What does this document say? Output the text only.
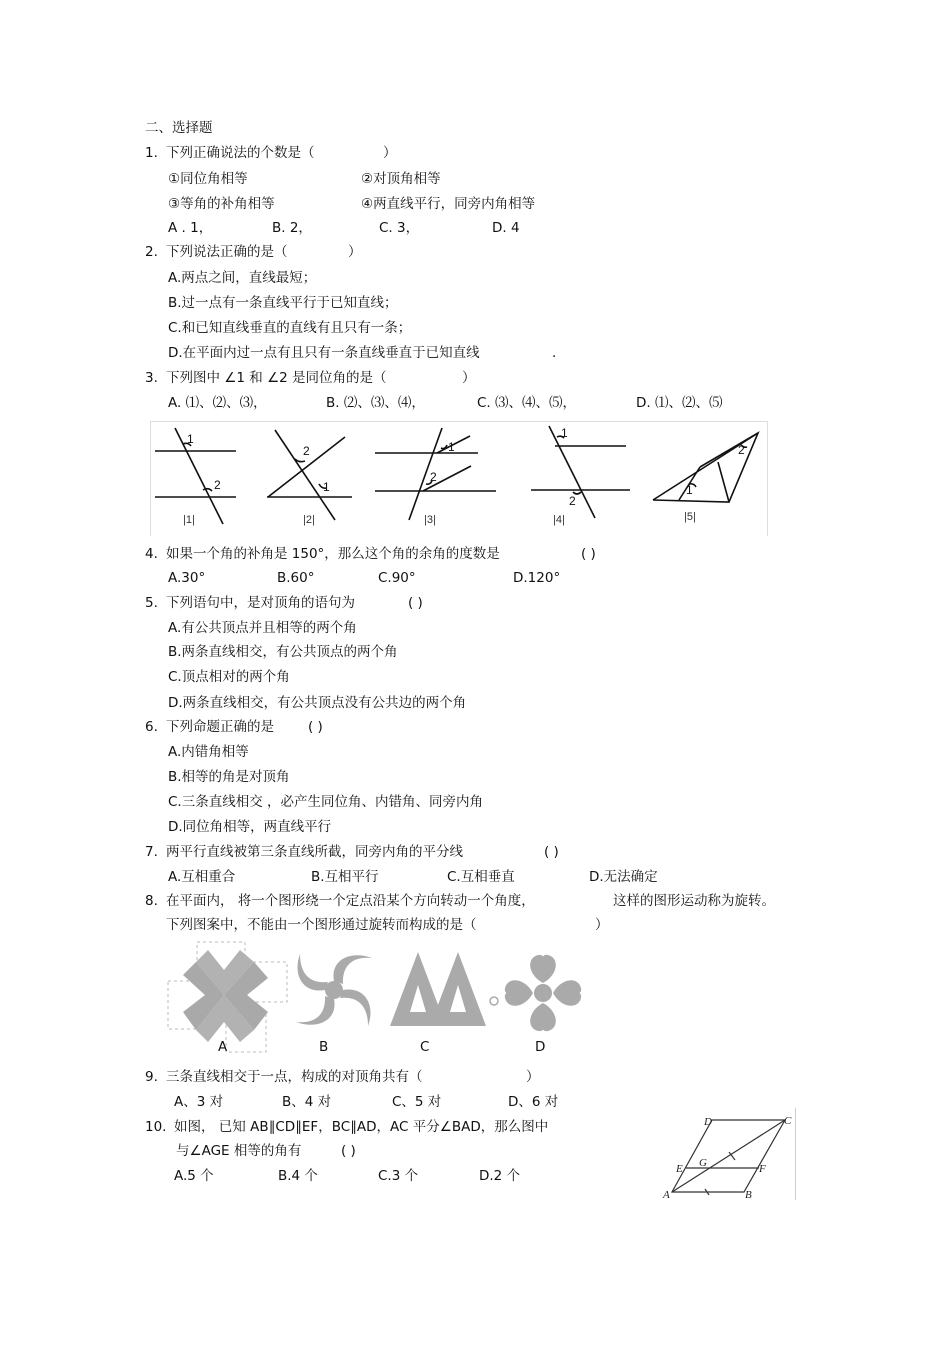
二、选择题
1. 下列正确说法的个数是（	）
①同位角相等	②对顶角相等
③等角的补角相等	④两直线平行，同旁内角相等
A . 1，	B. 2，	C. 3，	D. 4
2. 下列说法正确的是（	）
A.两点之间，直线最短；
B.过一点有一条直线平行于已知直线；
C.和已知直线垂直的直线有且只有一条；
D.在平面内过一点有且只有一条直线垂直于已知直线	.
3. 下列图中 ∠1 和 ∠2 是同位角的是（	）
A. ⑴、⑵、⑶，	B. ⑵、⑶、⑷，	C. ⑶、⑷、⑸，	D. ⑴、⑵、⑸
1
2
2
1
1
2
1
2
1
2
|1|	|2|	|3|	|4|	|5|
4. 如果一个角的补角是 150°，那么这个角的余角的度数是	( )
A.30°	B.60°	C.90°	D.120°
5. 下列语句中，是对顶角的语句为	( )
A.有公共顶点并且相等的两个角
B.两条直线相交，有公共顶点的两个角
C.顶点相对的两个角
D.两条直线相交，有公共顶点没有公共边的两个角
6. 下列命题正确的是	( )
A.内错角相等
B.相等的角是对顶角
C.三条直线相交 ，必产生同位角、内错角、同旁内角
D.同位角相等，两直线平行
7. 两平行直线被第三条直线所截，同旁内角的平分线	( )
A.互相重合	B.互相平行	C.互相垂直	D.无法确定
8. 在平面内， 将一个图形绕一个定点沿某个方向转动一个角度，	这样的图形运动称为旋转。
下列图案中，不能由一个图形通过旋转而构成的是（	）
A	B	C	D
9. 三条直线相交于一点，构成的对顶角共有（	）
A、3 对	B、4 对	C、5 对	D、6 对
10. 如图， 已知 AB∥CD∥EF，BC∥AD，AC 平分∠BAD，那么图中
与∠AGE 相等的角有	( )
A.5 个	B.4 个	C.3 个	D.2 个
A	B
C
D
E	F
G
